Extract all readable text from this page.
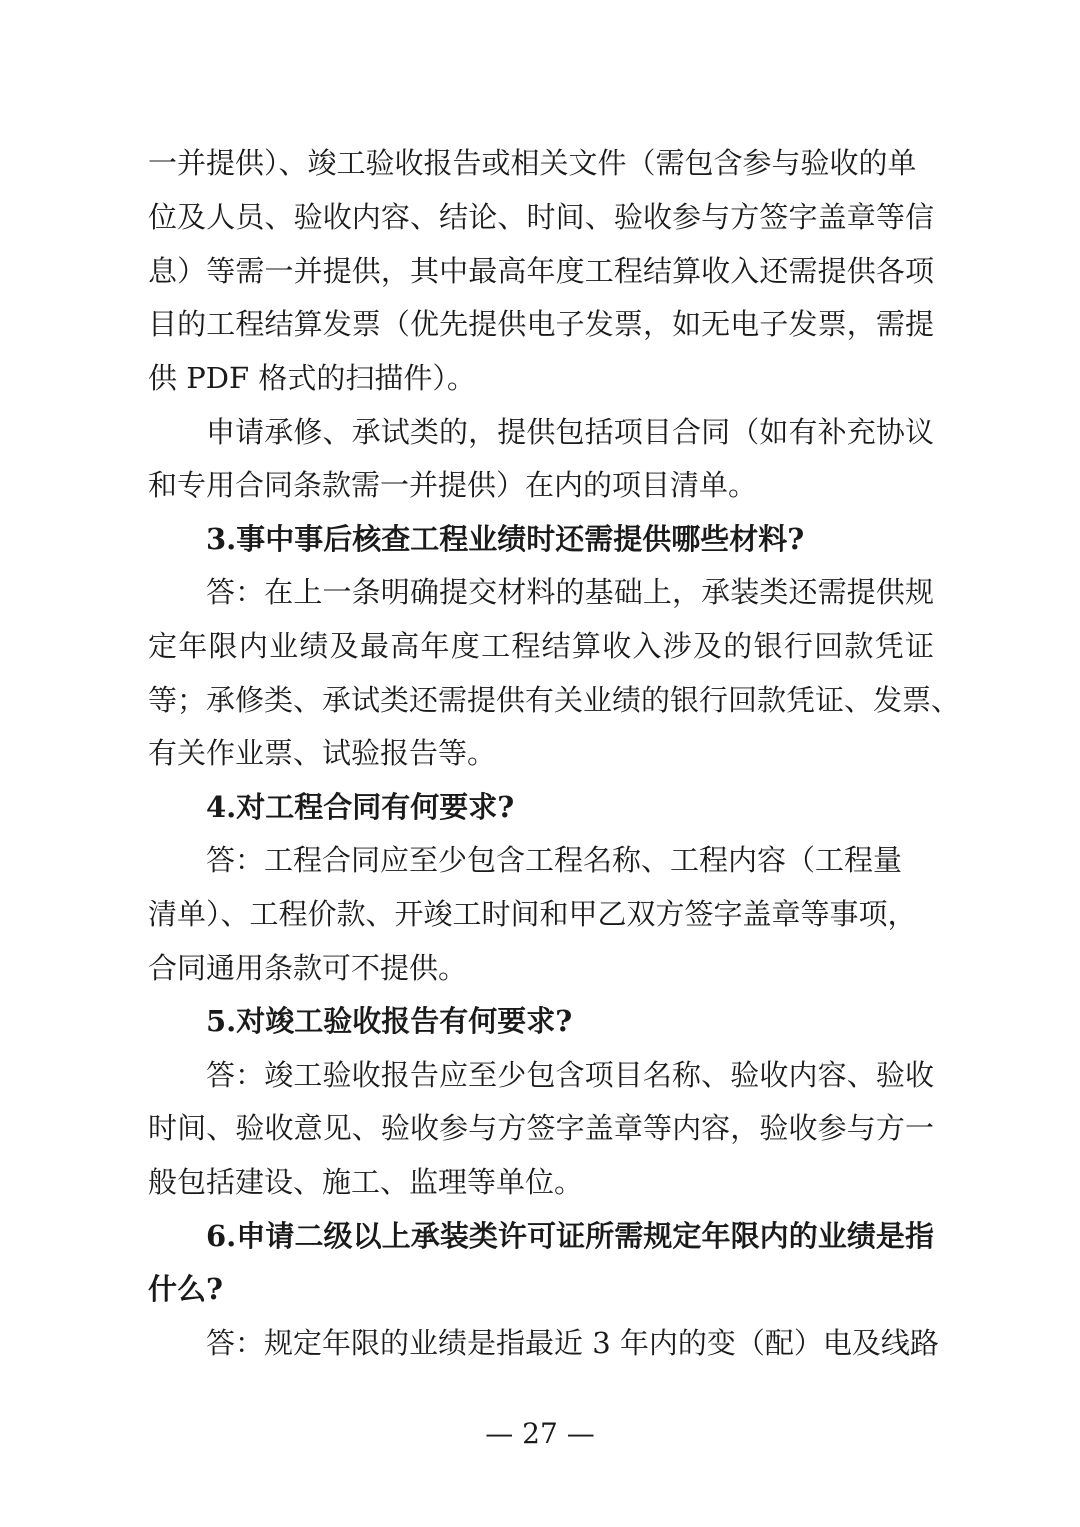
一并提供）、竣工验收报告或相关文件（需包含参与验收的单
位及人员、验收内容、结论、时间、验收参与方签字盖章等信
息）等需一并提供，其中最高年度工程结算收入还需提供各项
目的工程结算发票（优先提供电子发票，如无电子发票，需提
供 PDF 格式的扫描件）。
申请承修、承试类的，提供包括项目合同（如有补充协议
和专用合同条款需一并提供）在内的项目清单。
3.事中事后核查工程业绩时还需提供哪些材料?
答：在上一条明确提交材料的基础上，承装类还需提供规
定年限内业绩及最高年度工程结算收入涉及的银行回款凭证
等；承修类、承试类还需提供有关业绩的银行回款凭证、发票、
有关作业票、试验报告等。
4.对工程合同有何要求?
答：工程合同应至少包含工程名称、工程内容（工程量
清单）、工程价款、开竣工时间和甲乙双方签字盖章等事项，
合同通用条款可不提供。
5.对竣工验收报告有何要求?
答：竣工验收报告应至少包含项目名称、验收内容、验收
时间、验收意见、验收参与方签字盖章等内容，验收参与方一
般包括建设、施工、监理等单位。
6.申请二级以上承装类许可证所需规定年限内的业绩是指
什么?
答：规定年限的业绩是指最近 3 年内的变（配）电及线路
— 27 —
